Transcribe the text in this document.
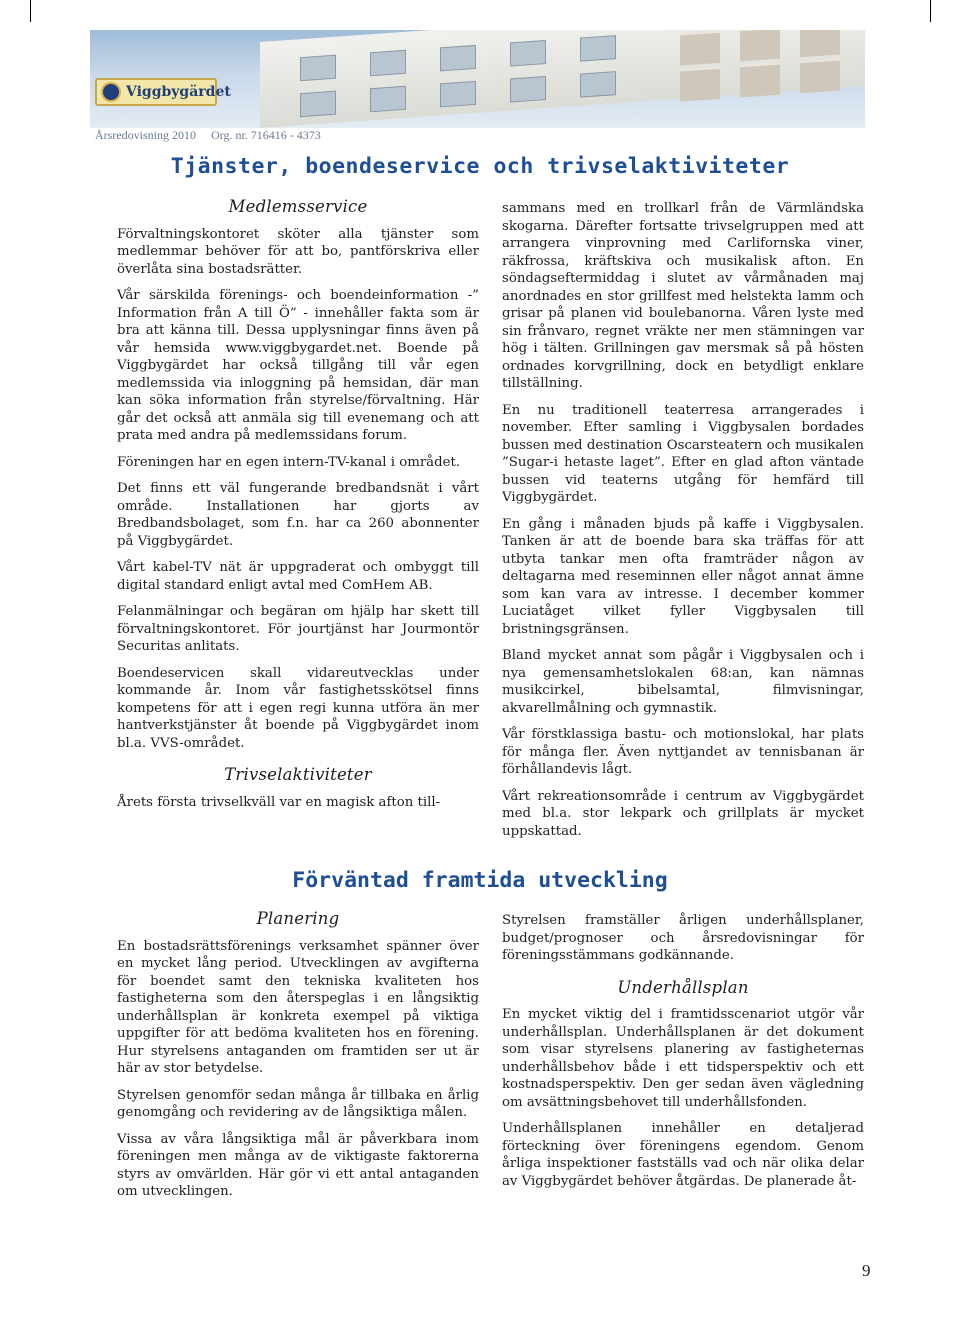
Viggbygärdet
Årsredovisning 2010 Org. nr. 716416 - 4373
Tjänster, boendeservice och trivselaktiviteter
Medlemsservice

Förvaltningskontoret sköter alla tjänster som medlemmar behöver för att bo, pantförskriva eller överlåta sina bostadsrätter.

Vår särskilda förenings- och boendeinformation -” Information från A till Ö” - innehåller fakta som är bra att känna till. Dessa upplysningar finns även på vår hemsida www.viggbygardet.net. Boende på Viggbygärdet har också tillgång till vår egen medlemssida via inloggning på hemsidan, där man kan söka information från styrelse/förvaltning. Här går det också att anmäla sig till evenemang och att prata med andra på medlemssidans forum.

Föreningen har en egen intern-TV-kanal i området.

Det finns ett väl fungerande bredbandsnät i vårt område. Installationen har gjorts av Bredbandsbolaget, som f.n. har ca 260 abonnenter på Viggbygärdet.

Vårt kabel-TV nät är uppgraderat och ombyggt till digital standard enligt avtal med ComHem AB.

Felanmälningar och begäran om hjälp har skett till förvaltningskontoret. För jourtjänst har Jourmontör Securitas anlitats.

Boendeservicen skall vidareutvecklas under kommande år. Inom vår fastighetsskötsel finns kompetens för att i egen regi kunna utföra än mer hantverkstjänster åt boende på Viggbygärdet inom bl.a. VVS-området.

Trivselaktiviteter

Årets första trivselkväll var en magisk afton till-

sammans med en trollkarl från de Värmländska skogarna. Därefter fortsatte trivselgruppen med att arrangera vinprovning med Carlifornska viner, räkfrossa, kräftskiva och musikalisk afton. En söndagseftermiddag i slutet av vårmånaden maj anordnades en stor grillfest med helstekta lamm och grisar på planen vid boulebanorna. Våren lyste med sin frånvaro, regnet vräkte ner men stämningen var hög i tälten. Grillningen gav mersmak så på hösten ordnades korvgrillning, dock en betydligt enklare tillställning.

En nu traditionell teaterresa arrangerades i november. Efter samling i Viggbysalen bordades bussen med destination Oscarsteatern och musikalen ”Sugar-i hetaste laget”. Efter en glad afton väntade bussen vid teaterns utgång för hemfärd till Viggbygärdet.

En gång i månaden bjuds på kaffe i Viggbysalen. Tanken är att de boende bara ska träffas för att utbyta tankar men ofta framträder någon av deltagarna med reseminnen eller något annat ämne som kan vara av intresse. I december kommer Luciatåget vilket fyller Viggbysalen till bristningsgränsen.

Bland mycket annat som pågår i Viggbysalen och i nya gemensamhetslokalen 68:an, kan nämnas musikcirkel, bibelsamtal, filmvisningar, akvarellmålning och gymnastik.

Vår förstklassiga bastu- och motionslokal, har plats för många fler. Även nyttjandet av tennisbanan är förhållandevis lågt.

Vårt rekreationsområde i centrum av Viggbygärdet med bl.a. stor lekpark och grillplats är mycket uppskattad.

Förväntad framtida utveckling
Planering

En bostadsrättsförenings verksamhet spänner över en mycket lång period. Utvecklingen av avgifterna för boendet samt den tekniska kvaliteten hos fastigheterna som den återspeglas i en långsiktig underhållsplan är konkreta exempel på viktiga uppgifter för att bedöma kvaliteten hos en förening. Hur styrelsens antaganden om framtiden ser ut är här av stor betydelse.

Styrelsen genomför sedan många år tillbaka en årlig genomgång och revidering av de långsiktiga målen.

Vissa av våra långsiktiga mål är påverkbara inom föreningen men många av de viktigaste faktorerna styrs av omvärlden. Här gör vi ett antal antaganden om utvecklingen.

Styrelsen framställer årligen underhållsplaner, budget/prognoser och årsredovisningar för föreningsstämmans godkännande.

Underhållsplan

En mycket viktig del i framtidsscenariot utgör vår underhållsplan. Underhållsplanen är det dokument som visar styrelsens planering av fastigheternas underhållsbehov både i ett tidsperspektiv och ett kostnadsperspektiv. Den ger sedan även vägledning om avsättningsbehovet till underhållsfonden.

Underhållsplanen innehåller en detaljerad förteckning över föreningens egendom. Genom årliga inspektioner fastställs vad och när olika delar av Viggbygärdet behöver åtgärdas. De planerade åt-

9
